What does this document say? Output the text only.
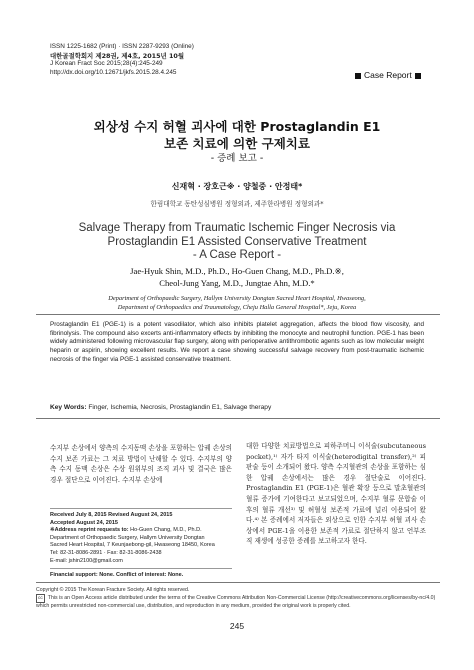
ISSN 1225-1682 (Print) · ISSN 2287-9293 (Online)
대한골절학회지 제28권, 제4호, 2015년 10월
J Korean Fract Soc 2015;28(4):245-249
http://dx.doi.org/10.12671/jkfs.2015.28.4.245	Case Report
외상성 수지 허혈 괴사에 대한 Prostaglandin E1
보존 치료에 의한 구제치료
- 증례 보고 -
신재혁 · 장호근※ · 양철중 · 안정태*
한림대학교 동탄성심병원 정형외과, 제주한라병원 정형외과*
Salvage Therapy from Traumatic Ischemic Finger Necrosis via
Prostaglandin E1 Assisted Conservative Treatment
- A Case Report -
Jae-Hyuk Shin, M.D., Ph.D., Ho-Guen Chang, M.D., Ph.D.※,
Cheol-Jung Yang, M.D., Jungtae Ahn, M.D.*
Department of Orthopaedic Surgery, Hallym University Dongtan Sacred Heart Hospital, Hwaseong,
Department of Orthopaedics and Traumatology, Cheju Halla General Hospital*, Jeju, Korea
Prostaglandin E1 (PGE-1) is a potent vasodilator, which also inhibits platelet aggregation, affects the blood flow viscosity, and fibrinolysis. The compound also excerts anti-inflammatory effects by inhibiting the monocyte and neutrophil function. PGE-1 has been widely administered following microvascular flap surgery, along with perioperative antithrombotic agents such as low molecular weight heparin or aspirin, showing excellent results. We report a case showing successful salvage recovery from post-traumatic ischemic necrosis of the finger via PGE-1 assisted conservative treatment.
Key Words: Finger, Ischemia, Necrosis, Prostaglandin E1, Salvage therapy
수지부 손상에서 양측의 수지동맥 손상을 포함하는 압궤 손상의 수지 보존 가료는 그 치료 방법이 난해할 수 있다. 수지부의 양측 수지 동맥 손상은 수상 원위부의 조직 괴사 및 결국은 많은 경우 절단으로 이어진다. 수지부 손상에
대한 다양한 치료방법으로 피하주머니 이식술(subcutaneous pocket),¹⁾ 자가 타지 이식술(heterodigital transfer),²⁾ 피판술 등이 소개되어 왔다. 양측 수지혈관의 손상을 포함하는 심한 압궤 손상에서는 많은 경우 절단술로 이어진다. Prostaglandin E1 (PGE-1)은 혈관 확장 등으로 말초혈관의 혈류 증가에 기여한다고 보고되었으며, 수지부 혈류 문합술 이후의 혈류 개선³⁾ 및 허혈성 보존적 가료에 널리 이용되어 왔다.⁴⁾ 본 증례에서 저자들은 외상으로 인한 수지부 허혈 괴사 손상에서 PGE-1을 이용한 보존적 가료로 절단하지 않고 언부조직 재생에 성공한 증례를 보고하고자 한다.
Received July 8, 2015 Revised August 24, 2015
Accepted August 24, 2015
※Address reprint requests to: Ho-Guen Chang, M.D., Ph.D.
Department of Orthopaedic Surgery, Hallym University Dongtan
Sacred Heart Hospital, 7 Keunjaebong-gil, Hwaseong 18450, Korea
Tel: 82-31-8086-2891 · Fax: 82-31-8086-2438
E-mail: jshin2100@gmail.com
Financial support: None. Conflict of interest: None.
Copyright © 2015 The Korean Fracture Society. All rights reserved.
cc This is an Open Access article distributed under the terms of the Creative Commons Attribution Non-Commercial License (http://creativecommons.org/licenses/by-nc/4.0) which permits unrestricted non-commercial use, distribution, and reproduction in any medium, provided the original work is properly cited.
245
